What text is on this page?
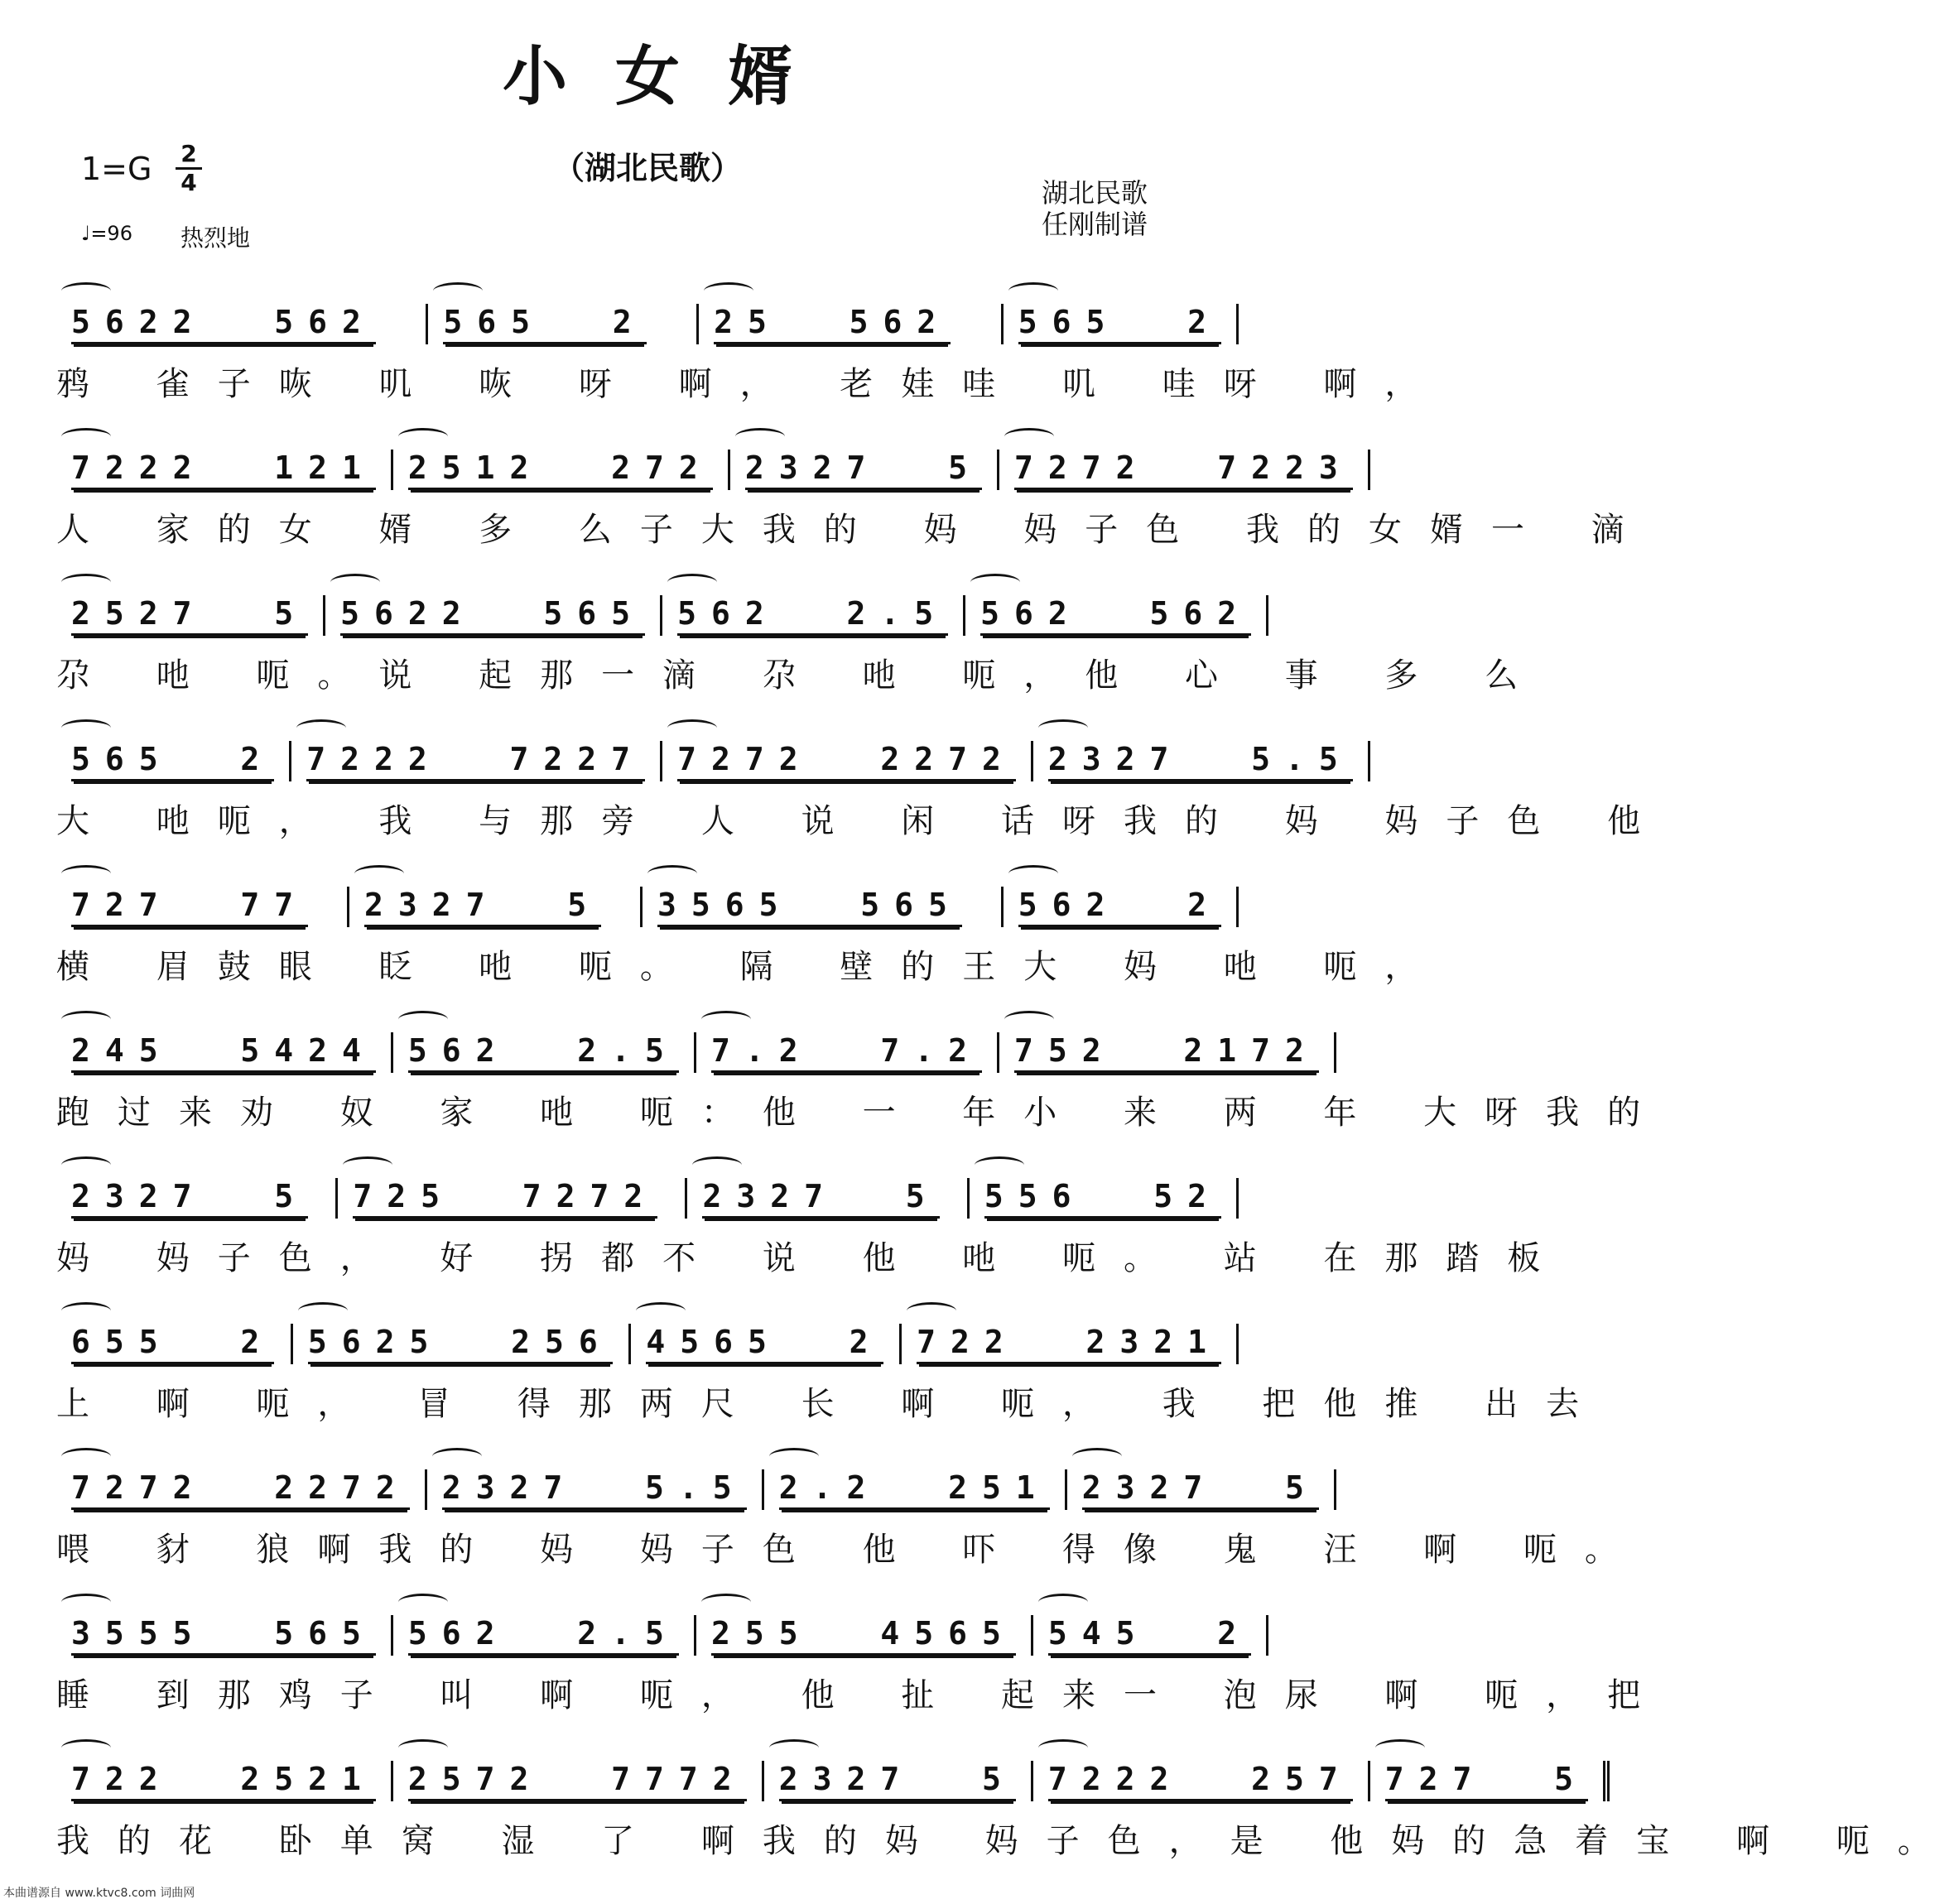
小女婿
（湖北民歌）
1=G 2
4
♩=96 热烈地
湖北民歌
任刚制谱
5622  562 565  2 25  562 565  2
鸦 雀子咴 叽 咴 呀 啊， 老娃哇 叽 哇呀 啊，
7222  121 2512  272 2327  5 7272  7223
人 家的女 婿 多 么子大我的 妈 妈子色 我的女婿一 滴
2527  5 5622  565 562  2.5 562  562
尕 吔 呃。说 起那一滴 尕 吔 呃，他 心 事 多 么
565  2 7222  7227 7272  2272 2327  5.5
大 吔呃， 我 与那旁 人 说 闲 话呀我的 妈 妈子色 他
727  77 2327  5 3565  565 562  2
横 眉鼓眼 眨 吔 呃。 隔 壁的王大 妈 吔 呃，
245  5424 562  2.5 7.2  7.2 752  2172
跑过来劝 奴 家 吔 呃：他 一 年小 来 两 年 大呀我的
2327  5 725  7272 2327  5 556  52
妈 妈子色， 好 拐都不 说 他 吔 呃。 站 在那踏板
655  2 5625  256 4565  2 722  2321
上 啊 呃， 冒 得那两尺 长 啊 呃， 我 把他推 出去
7272  2272 2327  5.5 2.2  251 2327  5
喂 豺 狼啊我的 妈 妈子色 他 吓 得像 鬼 汪 啊 呃。
3555  565 562  2.5 255  4565 545  2
睡 到那鸡子 叫 啊 呃， 他 扯 起来一 泡尿 啊 呃，把
722  2521 2572  7772 2327  5 7222  257 727  5
我的花 卧单窝 湿 了 啊我的妈 妈子色，是 他妈的急着宝 啊 呃。
本曲谱源自 www.ktvc8.com 词曲网
